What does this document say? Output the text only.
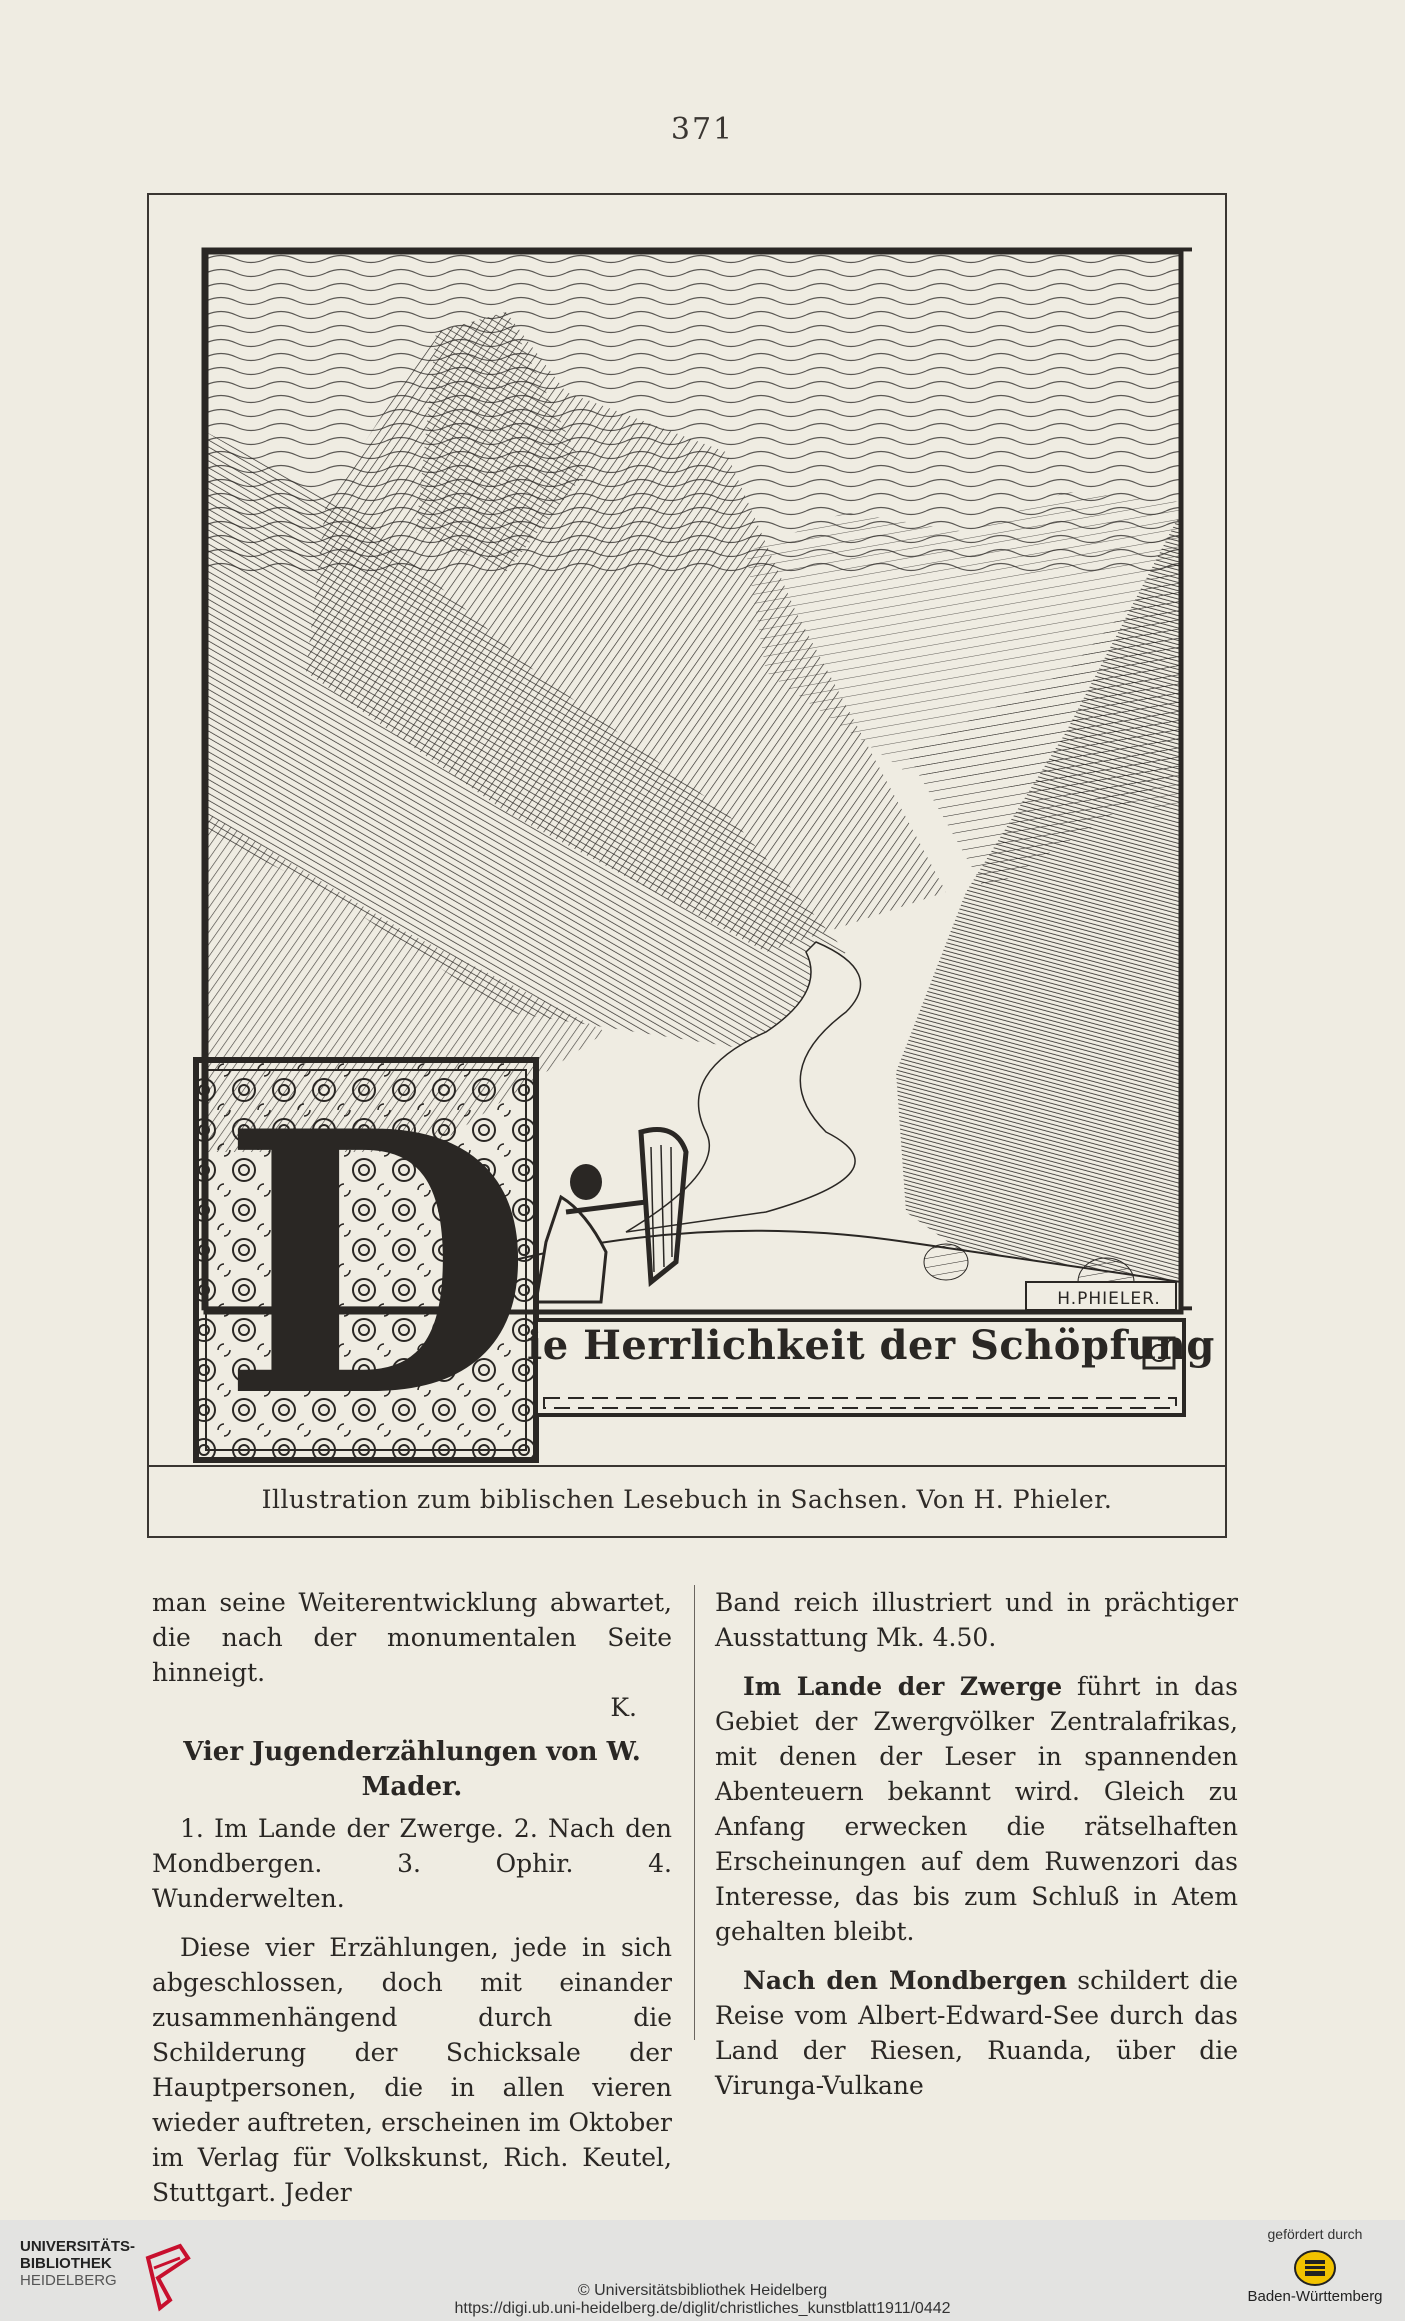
371
D
ie Herrlichkeit der Schöpfung
H.PHIELER.
Illustration zum biblischen Lesebuch in Sachsen. Von H. Phieler.

man seine Weiterentwicklung abwartet, die nach der monumentalen Seite hinneigt.

K.

Vier Jugenderzählungen von W. Mader.

1. Im Lande der Zwerge. 2. Nach den Mondbergen. 3. Ophir. 4. Wunderwelten.

Diese vier Erzählungen, jede in sich abgeschlossen, doch mit einander zusammenhängend durch die Schilderung der Schicksale der Hauptpersonen, die in allen vieren wieder auftreten, erscheinen im Oktober im Verlag für Volkskunst, Rich. Keutel, Stuttgart. Jeder

Band reich illustriert und in prächtiger Ausstattung Mk. 4.50.

Im Lande der Zwerge führt in das Gebiet der Zwergvölker Zentralafrikas, mit denen der Leser in spannenden Abenteuern bekannt wird. Gleich zu Anfang erwecken die rätselhaften Erscheinungen auf dem Ruwenzori das Interesse, das bis zum Schluß in Atem gehalten bleibt.

Nach den Mondbergen schildert die Reise vom Albert-Edward-See durch das Land der Riesen, Ruanda, über die Virunga-Vulkane

UNIVERSITÄTS-
BIBLIOTHEK
HEIDELBERG
© Universitätsbibliothek Heidelberg
https://digi.ub.uni-heidelberg.de/diglit/christliches_kunstblatt1911/0442
gefördert durch
Baden-Württemberg
